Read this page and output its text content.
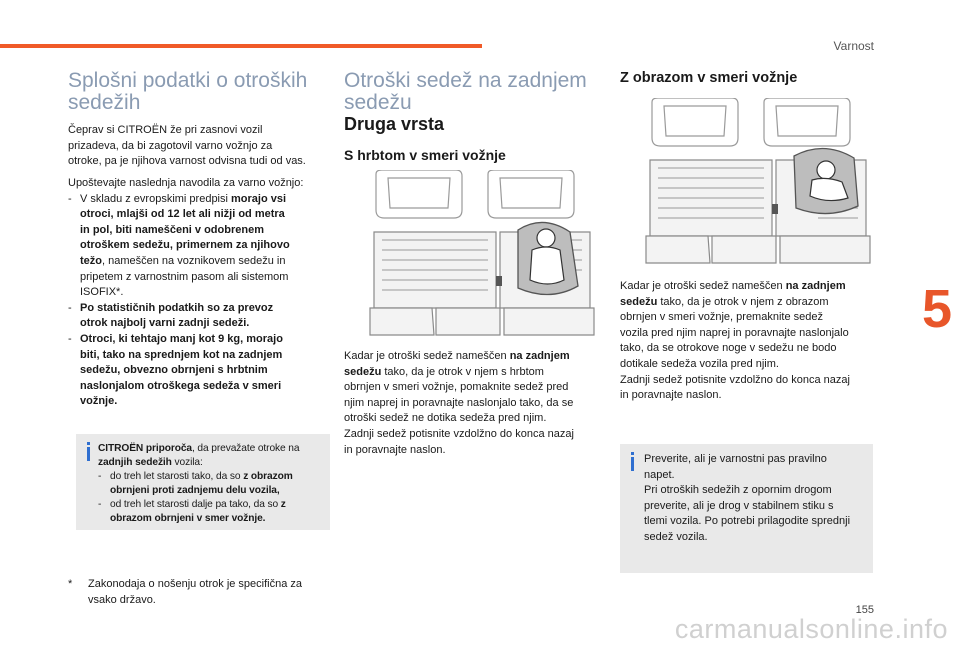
Varnost
5
155
carmanualsonline.info
Splošni podatki o otroških
sedežih
Čeprav si CITROËN že pri zasnovi vozil
prizadeva, da bi zagotovil varno vožnjo za
otroke, pa je njihova varnost odvisna tudi od vas.
Upoštevajte naslednja navodila za varno vožnjo:
- V skladu z evropskimi predpisi morajo vsi
otroci, mlajši od 12 let ali nižji od metra
in pol, biti nameščeni v odobrenem
otroškem sedežu, primernem za njihovo
težo, nameščen na voznikovem sedežu in
pripetem z varnostnim pasom ali sistemom
ISOFIX*.
- Po statističnih podatkih so za prevoz
otrok najbolj varni zadnji sedeži.
- Otroci, ki tehtajo manj kot 9 kg, morajo
biti, tako na sprednjem kot na zadnjem
sedežu, obvezno obrnjeni s hrbtnim
naslonjalom otroškega sedeža v smeri
vožnje.
CITROËN priporoča, da prevažate otroke na
zadnjih sedežih vozila:
- do treh let starosti tako, da so z obrazom
obrnjeni proti zadnjemu delu vozila,
- od treh let starosti dalje pa tako, da so z
obrazom obrnjeni v smer vožnje.
*	Zakonodaja o nošenju otrok je specifična za
vsako državo.
Otroški sedež na zadnjem
sedežu
Druga vrsta
S hrbtom v smeri vožnje
Kadar je otroški sedež nameščen na zadnjem
sedežu tako, da je otrok v njem s hrbtom
obrnjen v smeri vožnje, pomaknite sedež pred
njim naprej in poravnajte naslonjalo tako, da se
otroški sedež ne dotika sedeža pred njim.
Zadnji sedež potisnite vzdolžno do konca nazaj
in poravnajte naslon.
Z obrazom v smeri vožnje
Kadar je otroški sedež nameščen na zadnjem
sedežu tako, da je otrok v njem z obrazom
obrnjen v smeri vožnje, premaknite sedež
vozila pred njim naprej in poravnajte naslonjalo
tako, da se otrokove noge v sedežu ne bodo
dotikale sedeža vozila pred njim.
Zadnji sedež potisnite vzdolžno do konca nazaj
in poravnajte naslon.
Preverite, ali je varnostni pas pravilno
napet.
Pri otroških sedežih z opornim drogom
preverite, ali je drog v stabilnem stiku s
tlemi vozila. Po potrebi prilagodite sprednji
sedež vozila.
